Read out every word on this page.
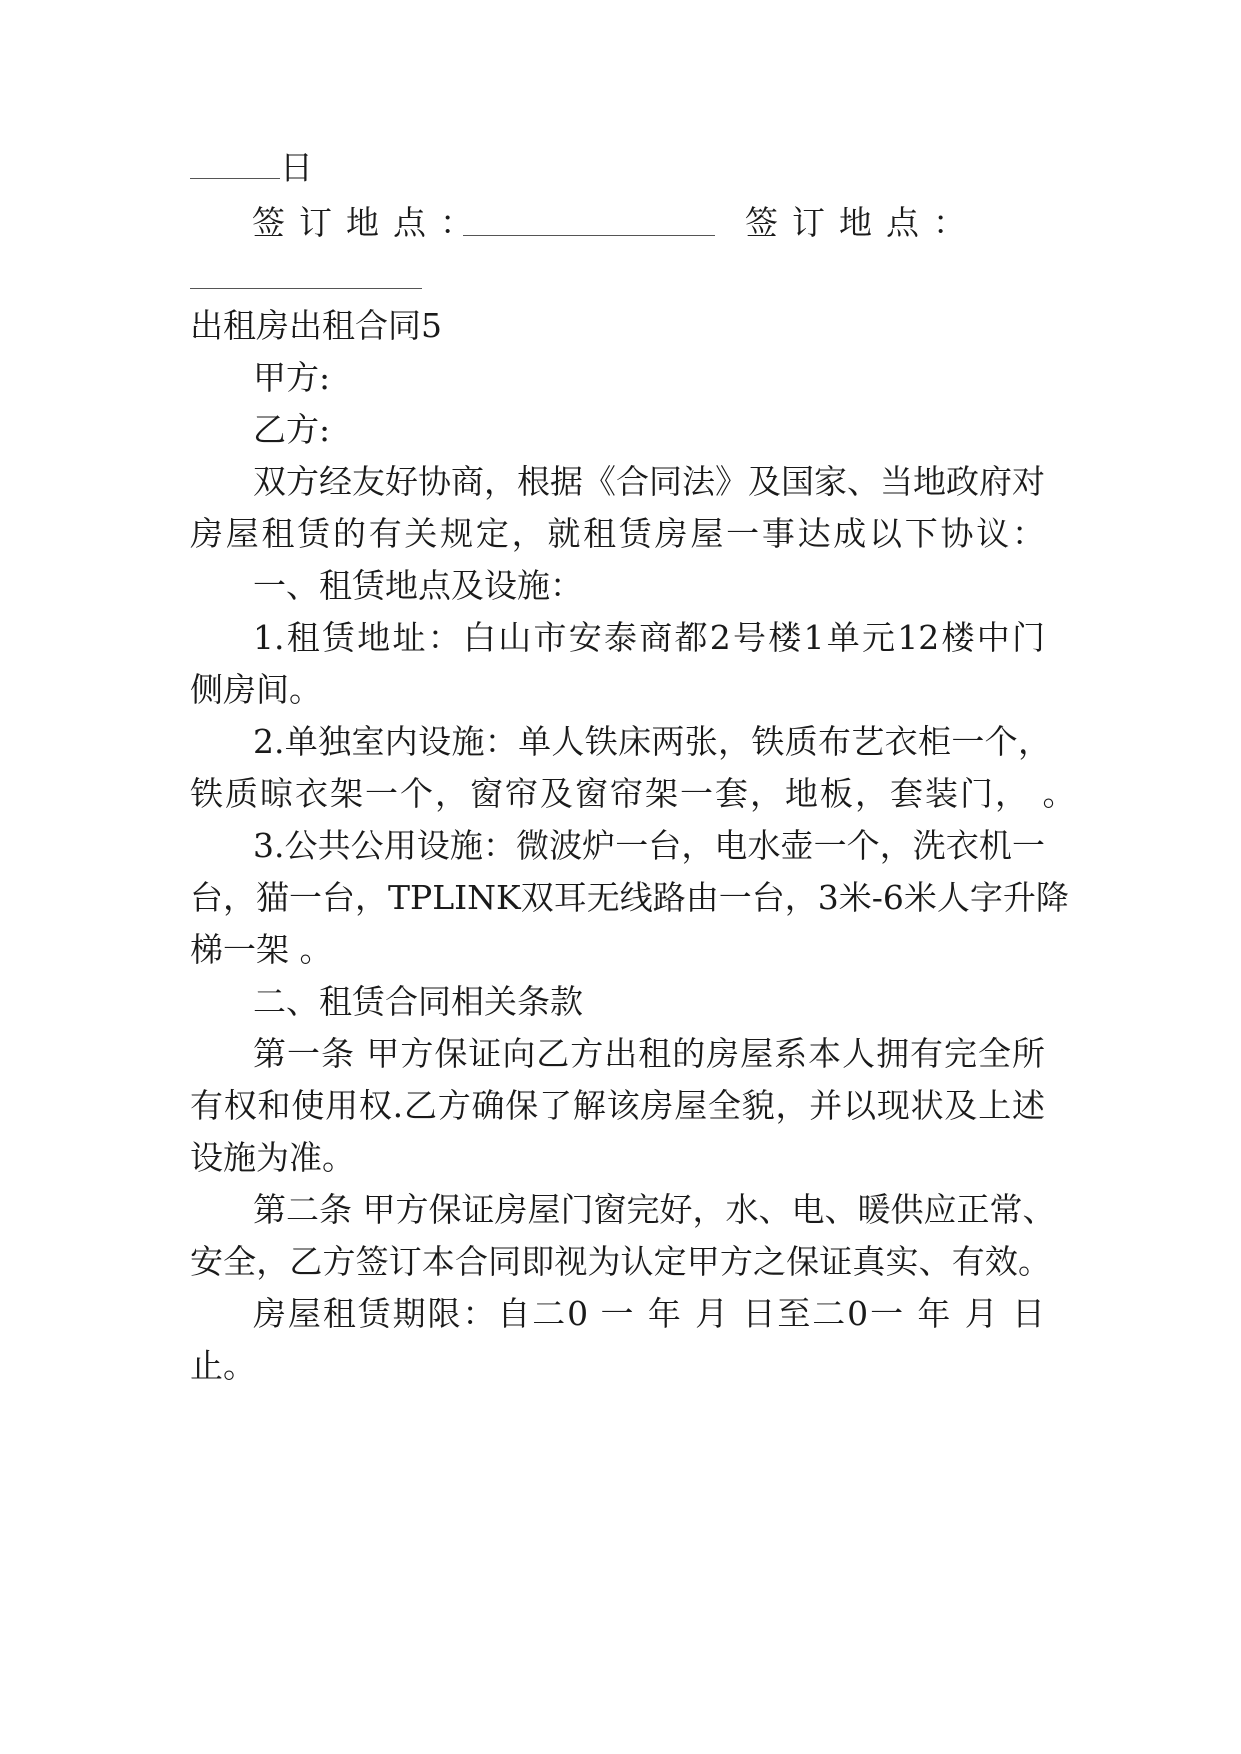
日
签订地点：	签订地点：
出租房出租合同5
甲方:
乙方:
双方经友好协商，根据《合同法》及国家、当地政府对
房屋租赁的有关规定，就租赁房屋一事达成以下协议：
一、租赁地点及设施：
1.租赁地址：白山市安泰商都2号楼1单元12楼中门
侧房间。
2.单独室内设施：单人铁床两张，铁质布艺衣柜一个，
铁质晾衣架一个，窗帘及窗帘架一套，地板，套装门， 。
3.公共公用设施：微波炉一台，电水壶一个，洗衣机一
台，猫一台，TPLINK双耳无线路由一台，3米-6米人字升降
梯一架 。
二、租赁合同相关条款
第一条 甲方保证向乙方出租的房屋系本人拥有完全所
有权和使用权.乙方确保了解该房屋全貌，并以现状及上述
设施为准。
第二条 甲方保证房屋门窗完好，水、电、暖供应正常、
安全，乙方签订本合同即视为认定甲方之保证真实、有效。
房屋租赁期限：自二0 一 年 月 日至二0一 年 月 日
止。
